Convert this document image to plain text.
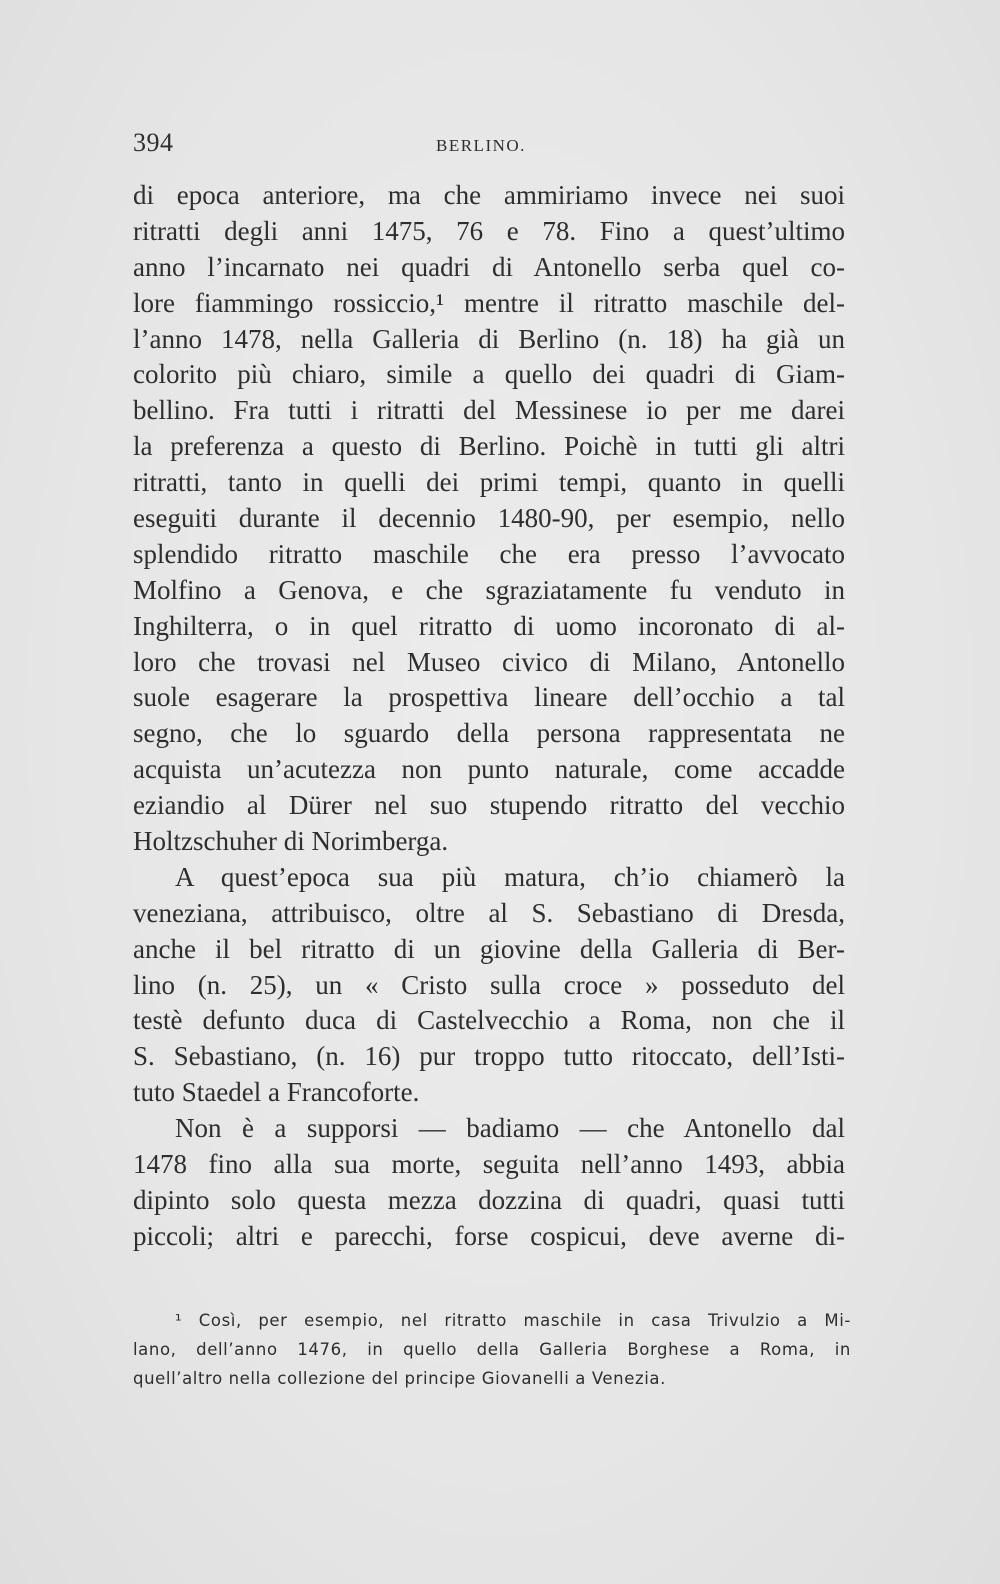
394	BERLINO.
di epoca anteriore, ma che ammiriamo invece nei suoi
ritratti degli anni 1475, 76 e 78. Fino a quest’ultimo
anno l’incarnato nei quadri di Antonello serba quel co-
lore fiammingo rossiccio,¹ mentre il ritratto maschile del-
l’anno 1478, nella Galleria di Berlino (n. 18) ha già un
colorito più chiaro, simile a quello dei quadri di Giam-
bellino. Fra tutti i ritratti del Messinese io per me darei
la preferenza a questo di Berlino. Poichè in tutti gli altri
ritratti, tanto in quelli dei primi tempi, quanto in quelli
eseguiti durante il decennio 1480-90, per esempio, nello
splendido ritratto maschile che era presso l’avvocato
Molfino a Genova, e che sgraziatamente fu venduto in
Inghilterra, o in quel ritratto di uomo incoronato di al-
loro che trovasi nel Museo civico di Milano, Antonello
suole esagerare la prospettiva lineare dell’occhio a tal
segno, che lo sguardo della persona rappresentata ne
acquista un’acutezza non punto naturale, come accadde
eziandio al Dürer nel suo stupendo ritratto del vecchio
Holtzschuher di Norimberga.
A quest’epoca sua più matura, ch’io chiamerò la
veneziana, attribuisco, oltre al S. Sebastiano di Dresda,
anche il bel ritratto di un giovine della Galleria di Ber-
lino (n. 25), un « Cristo sulla croce » posseduto del
testè defunto duca di Castelvecchio a Roma, non che il
S. Sebastiano, (n. 16) pur troppo tutto ritoccato, dell’Isti-
tuto Staedel a Francoforte.
Non è a supporsi — badiamo — che Antonello dal
1478 fino alla sua morte, seguita nell’anno 1493, abbia
dipinto solo questa mezza dozzina di quadri, quasi tutti
piccoli; altri e parecchi, forse cospicui, deve averne di-
¹ Così, per esempio, nel ritratto maschile in casa Trivulzio a Mi-
lano, dell’anno 1476, in quello della Galleria Borghese a Roma, in
quell’altro nella collezione del principe Giovanelli a Venezia.
